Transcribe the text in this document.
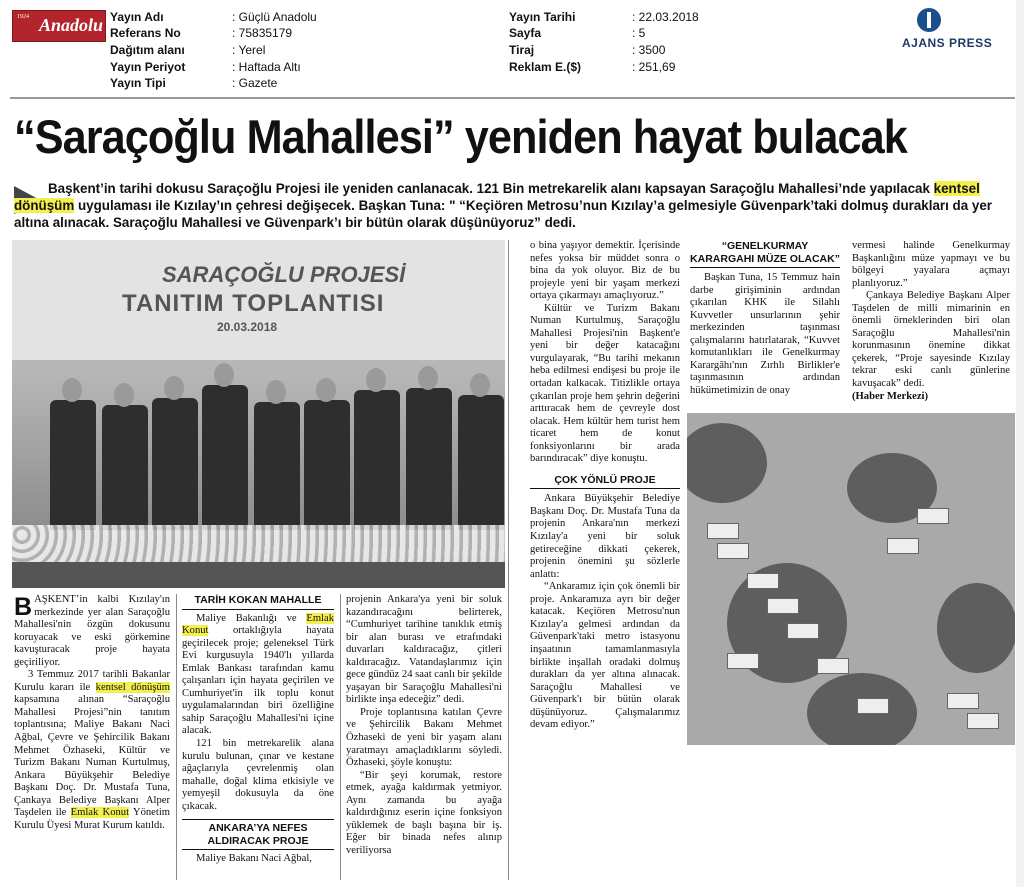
1924 Anadolu Yayın Adı	: Güçlü Anadolu
Referans No	: 75835179
Dağıtım alanı	: Yerel
Yayın Periyot	: Haftada Altı
Yayın Tipi	: Gazete
Yayın Tarihi	: 22.03.2018
Sayfa	: 5
Tiraj	: 3500
Reklam E.($)	: 251,69
AJANS PRESS
“Saraçoğlu Mahallesi” yeniden hayat bulacak
Başkent’in tarihi dokusu Saraçoğlu Projesi ile yeniden canlanacak. 121 Bin metrekarelik alanı kapsayan Saraçoğlu Mahallesi’nde yapılacak kentsel dönüşüm uygulaması ile Kızılay’ın çehresi değişecek. Başkan Tuna: " “Keçiören Metrosu’nun Kızılay’a gelmesiyle Güvenpark’taki dolmuş durakları da yer altına alınacak. Saraçoğlu Mahallesi ve Güvenpark’ı bir bütün olarak düşünüyoruz” dedi.
SARAÇOĞLU PROJESİ
TANITIM TOPLANTISI
20.03.2018

BAŞKENT’in kalbi Kızılay'ın merkezinde yer alan Saraçoğlu Mahallesi'nin özgün dokusunu koruyacak ve eski görkemine kavuşturacak proje hayata geçiriliyor.

3 Temmuz 2017 tarihli Bakanlar Kurulu kararı ile kentsel dönüşüm kapsamına alınan “Saraçoğlu Mahallesi Projesi”nin tanıtım toplantısına; Maliye Bakanı Naci Ağbal, Çevre ve Şehircilik Bakanı Mehmet Özhaseki, Kültür ve Turizm Bakanı Numan Kurtulmuş, Ankara Büyükşehir Belediye Başkanı Doç. Dr. Mustafa Tuna, Çankaya Belediye Başkanı Alper Taşdelen ile Emlak Konut Yönetim Kurulu Üyesi Murat Kurum katıldı.

TARİH KOKAN MAHALLE

Maliye Bakanlığı ve Emlak Konut ortaklığıyla hayata geçirilecek proje; geleneksel Türk Evi kurgusuyla 1940'lı yıllarda Emlak Bankası tarafından kamu çalışanları için hayata geçirilen ve Cumhuriyet'in ilk toplu konut uygulamalarından biri özelliğine sahip Saraçoğlu Mahallesi'ni içine alacak.

121 bin metrekarelik alana kurulu bulunan, çınar ve kestane ağaçlarıyla çevrelenmiş olan mahalle, doğal klima etkisiyle ve yemyeşil dokusuyla da öne çıkacak.

ANKARA’YA NEFES ALDIRACAK PROJE

Maliye Bakanı Naci Ağbal,

projenin Ankara'ya yeni bir soluk kazandıracağını belirterek, “Cumhuriyet tarihine tanıklık etmiş bir alan burası ve etrafındaki duvarları kaldıracağız, çitleri kaldıracağız. Vatandaşlarımız için gece gündüz 24 saat canlı bir şekilde yaşayan bir Saraçoğlu Mahallesi'ni birlikte inşa edeceğiz” dedi.

Proje toplantısına katılan Çevre ve Şehircilik Bakanı Mehmet Özhaseki de yeni bir yaşam alanı yaratmayı amaçladıklarını söyledi. Özhaseki, şöyle konuştu:

“Bir şeyi korumak, restore etmek, ayağa kaldırmak yetmiyor. Aynı zamanda bu ayağa kaldırdığınız eserin içine fonksiyon yüklemek de başlı başına bir iş. Eğer bir binada nefes alınıp veriliyorsa

o bina yaşıyor demektir. İçerisinde nefes yoksa bir müddet sonra o bina da yok oluyor. Biz de bu projeyle yeni bir yaşam merkezi ortaya çıkarmayı amaçlıyoruz.”

Kültür ve Turizm Bakanı Numan Kurtulmuş, Saraçoğlu Mahallesi Projesi'nin Başkent'e yeni bir değer katacağını vurgulayarak, “Bu tarihi mekanın heba edilmesi endişesi bu proje ile ortadan kalkacak. Titizlikle ortaya çıkarılan proje hem şehrin değerini arttıracak hem de çevreyle dost olacak. Hem kültür hem turist hem ticaret hem de konut fonksiyonlarını bir arada barındıracak” diye konuştu.

ÇOK YÖNLÜ PROJE

Ankara Büyükşehir Belediye Başkanı Doç. Dr. Mustafa Tuna da projenin Ankara'nın merkezi Kızılay'a yeni bir soluk getireceğine dikkati çekerek, projenin önemini şu sözlerle anlattı:

“Ankaramız için çok önemli bir proje. Ankaramıza ayrı bir değer katacak. Keçiören Metrosu'nun Kızılay'a gelmesi ardından da Güvenpark'taki metro istasyonu inşaatının tamamlanmasıyla birlikte inşallah oradaki dolmuş durakları da yer altına alınacak. Saraçoğlu Mahallesi ve Güvenpark'ı bir bütün olarak düşünüyoruz. Çalışmalarımız devam ediyor.”

“GENELKURMAY KARARGAHI MÜZE OLACAK”

Başkan Tuna, 15 Temmuz hain darbe girişiminin ardından çıkarılan KHK ile Silahlı Kuvvetler unsurlarının şehir merkezinden taşınması çalışmalarını hatırlatarak, “Kuvvet komutanlıkları ile Genelkurmay Karargâhı'nın Zırhlı Birlikler'e taşınmasının ardından hükümetimizin de onay

vermesi halinde Genelkurmay Başkanlığını müze yapmayı ve bu bölgeyi yayalara açmayı planlıyoruz.”

Çankaya Belediye Başkanı Alper Taşdelen de milli mimarinin en önemli örneklerinden biri olan Saraçoğlu Mahallesi'nin korunmasının önemine dikkat çekerek, “Proje sayesinde Kızılay tekrar eski canlı günlerine kavuşacak” dedi.

(Haber Merkezi)
